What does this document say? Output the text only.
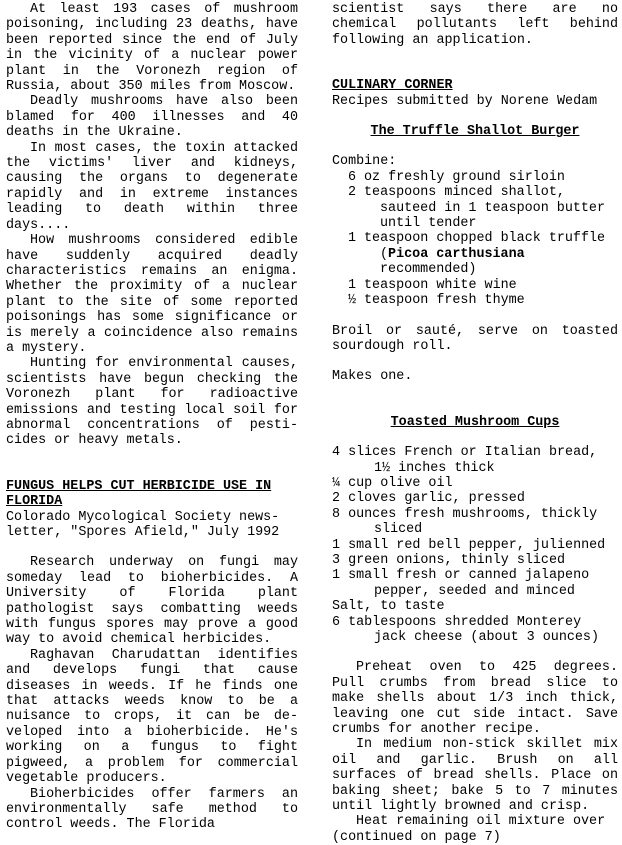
At least 193 cases of mushroom poisoning, including 23 deaths, have been reported since the end of July in the vicinity of a nuclear power plant in the Voronezh region of Russia, about 350 miles from Moscow.

Deadly mushrooms have also been blamed for 400 illnesses and 40 deaths in the Ukraine.

In most cases, the toxin attacked the victims' liver and kidneys, causing the organs to degenerate rapidly and in extreme instances leading to death within three days....

How mushrooms considered edible have suddenly acquired deadly characteristics remains an enigma. Whether the proximity of a nuclear plant to the site of some reported poisonings has some significance or is merely a coincidence also remains a mystery.

Hunting for environmental causes, scientists have begun checking the Voronezh plant for radioactive emissions and testing local soil for abnormal concentrations of pesti-cides or heavy metals.

FUNGUS HELPS CUT HERBICIDE USE IN FLORIDA

Colorado Mycological Society news-letter, "Spores Afield," July 1992

Research underway on fungi may someday lead to bioherbicides. A University of Florida plant pathologist says combatting weeds with fungus spores may prove a good way to avoid chemical herbicides.

Raghavan Charudattan identifies and develops fungi that cause diseases in weeds. If he finds one that attacks weeds know to be a nuisance to crops, it can be de-veloped into a bioherbicide. He's working on a fungus to fight pigweed, a problem for commercial vegetable producers.

Bioherbicides offer farmers an environmentally safe method to control weeds. The Florida

scientist says there are no chemical pollutants left behind following an application.

CULINARY CORNER

Recipes submitted by Norene Wedam

The Truffle Shallot Burger

Combine:

6 oz freshly ground sirloin
2 teaspoons minced shallot,
sauteed in 1 teaspoon butter
until tender
1 teaspoon chopped black truffle
(Picoa carthusiana recommended)
1 teaspoon white wine
½ teaspoon fresh thyme

Broil or sauté, serve on toasted sourdough roll.

Makes one.

Toasted Mushroom Cups

4 slices French or Italian bread, 1½ inches thick

¼ cup olive oil

2 cloves garlic, pressed

8 ounces fresh mushrooms, thickly sliced

1 small red bell pepper, julienned

3 green onions, thinly sliced

1 small fresh or canned jalapeno pepper, seeded and minced

Salt, to taste

6 tablespoons shredded Monterey jack cheese (about 3 ounces)

Preheat oven to 425 degrees. Pull crumbs from bread slice to make shells about 1/3 inch thick, leaving one cut side intact. Save crumbs for another recipe.

In medium non-stick skillet mix oil and garlic. Brush on all surfaces of bread shells. Place on baking sheet; bake 5 to 7 minutes until lightly browned and crisp.

Heat remaining oil mixture over

(continued on page 7)
